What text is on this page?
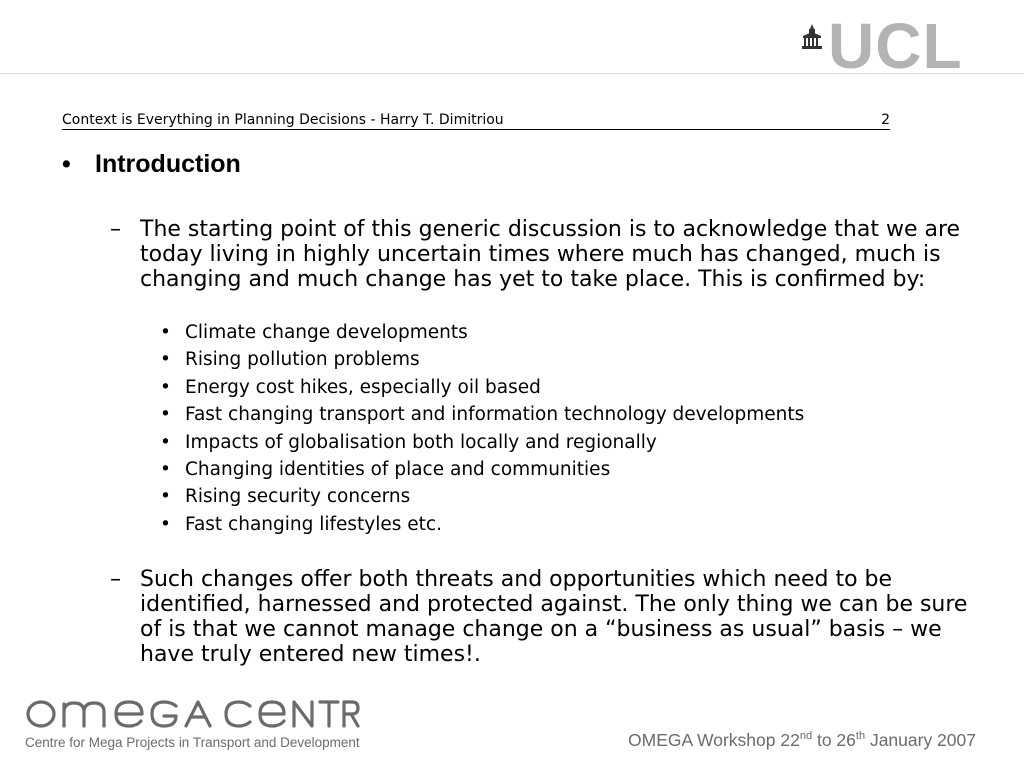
UCL
Context is Everything in Planning Decisions - Harry T. Dimitriou	2
• Introduction
– The starting point of this generic discussion is to acknowledge that we are today living in highly uncertain times where much has changed, much is changing and much change has yet to take place. This is confirmed by:
• Climate change developments
• Rising pollution problems
• Energy cost hikes, especially oil based
• Fast changing transport and information technology developments
• Impacts of globalisation both locally and regionally
• Changing identities of place and communities
• Rising security concerns
• Fast changing lifestyles etc.
– Such changes offer both threats and opportunities which need to be identified, harnessed and protected against. The only thing we can be sure of is that we cannot manage change on a “business as usual” basis – we have truly entered new times!.
Centre for Mega Projects in Transport and Development	OMEGA Workshop 22nd to 26th January 2007
